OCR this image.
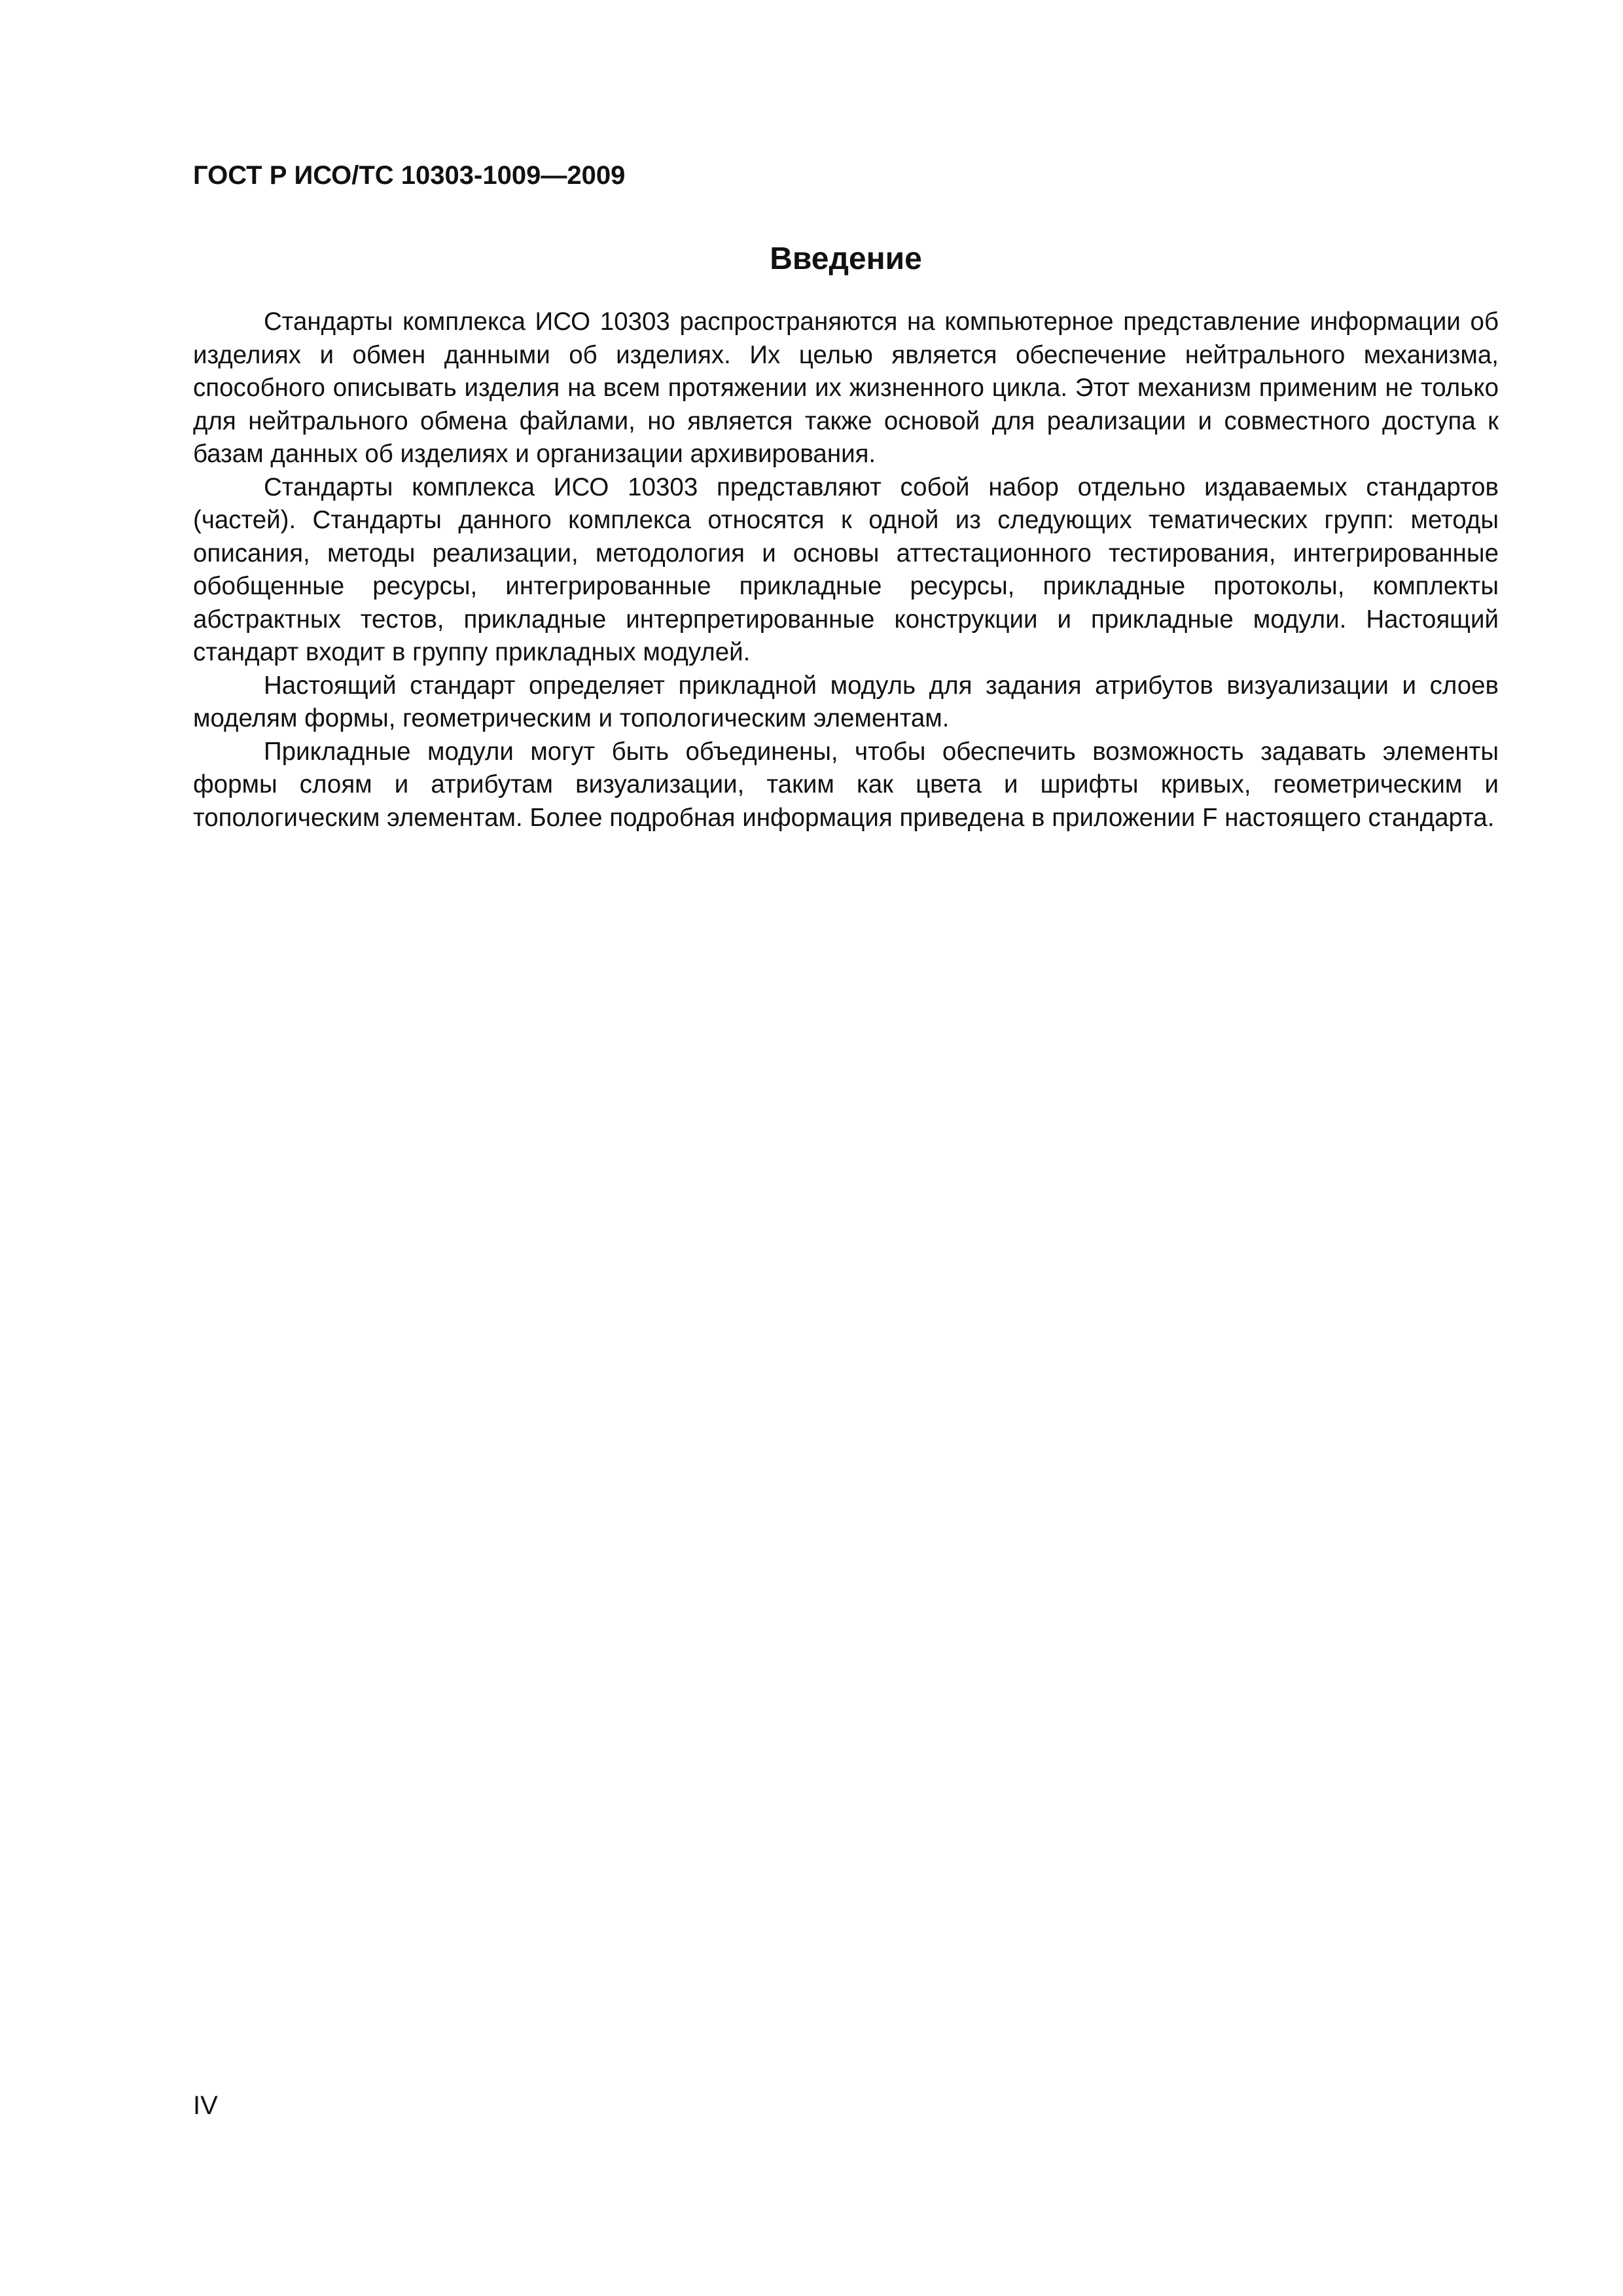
ГОСТ Р ИСО/ТС 10303-1009—2009

Введение

Стандарты комплекса ИСО 10303 распространяются на компьютерное представление информации об изделиях и обмен данными об изделиях. Их целью является обеспечение нейтрального механизма, способного описывать изделия на всем протяжении их жизненного цикла. Этот механизм применим не только для нейтрального обмена файлами, но является также основой для реализации и совместного доступа к базам данных об изделиях и организации архивирования.

Стандарты комплекса ИСО 10303 представляют собой набор отдельно издаваемых стандартов (частей). Стандарты данного комплекса относятся к одной из следующих тематических групп: методы описания, методы реализации, методология и основы аттестационного тестирования, интегрированные обобщенные ресурсы, интегрированные прикладные ресурсы, прикладные протоколы, комплекты абстрактных тестов, прикладные интерпретированные конструкции и прикладные модули. Настоящий стандарт входит в группу прикладных модулей.

Настоящий стандарт определяет прикладной модуль для задания атрибутов визуализации и слоев моделям формы, геометрическим и топологическим элементам.

Прикладные модули могут быть объединены, чтобы обеспечить возможность задавать элементы формы слоям и атрибутам визуализации, таким как цвета и шрифты кривых, геометрическим и топологическим элементам. Более подробная информация приведена в приложении F настоящего стандарта.

IV
